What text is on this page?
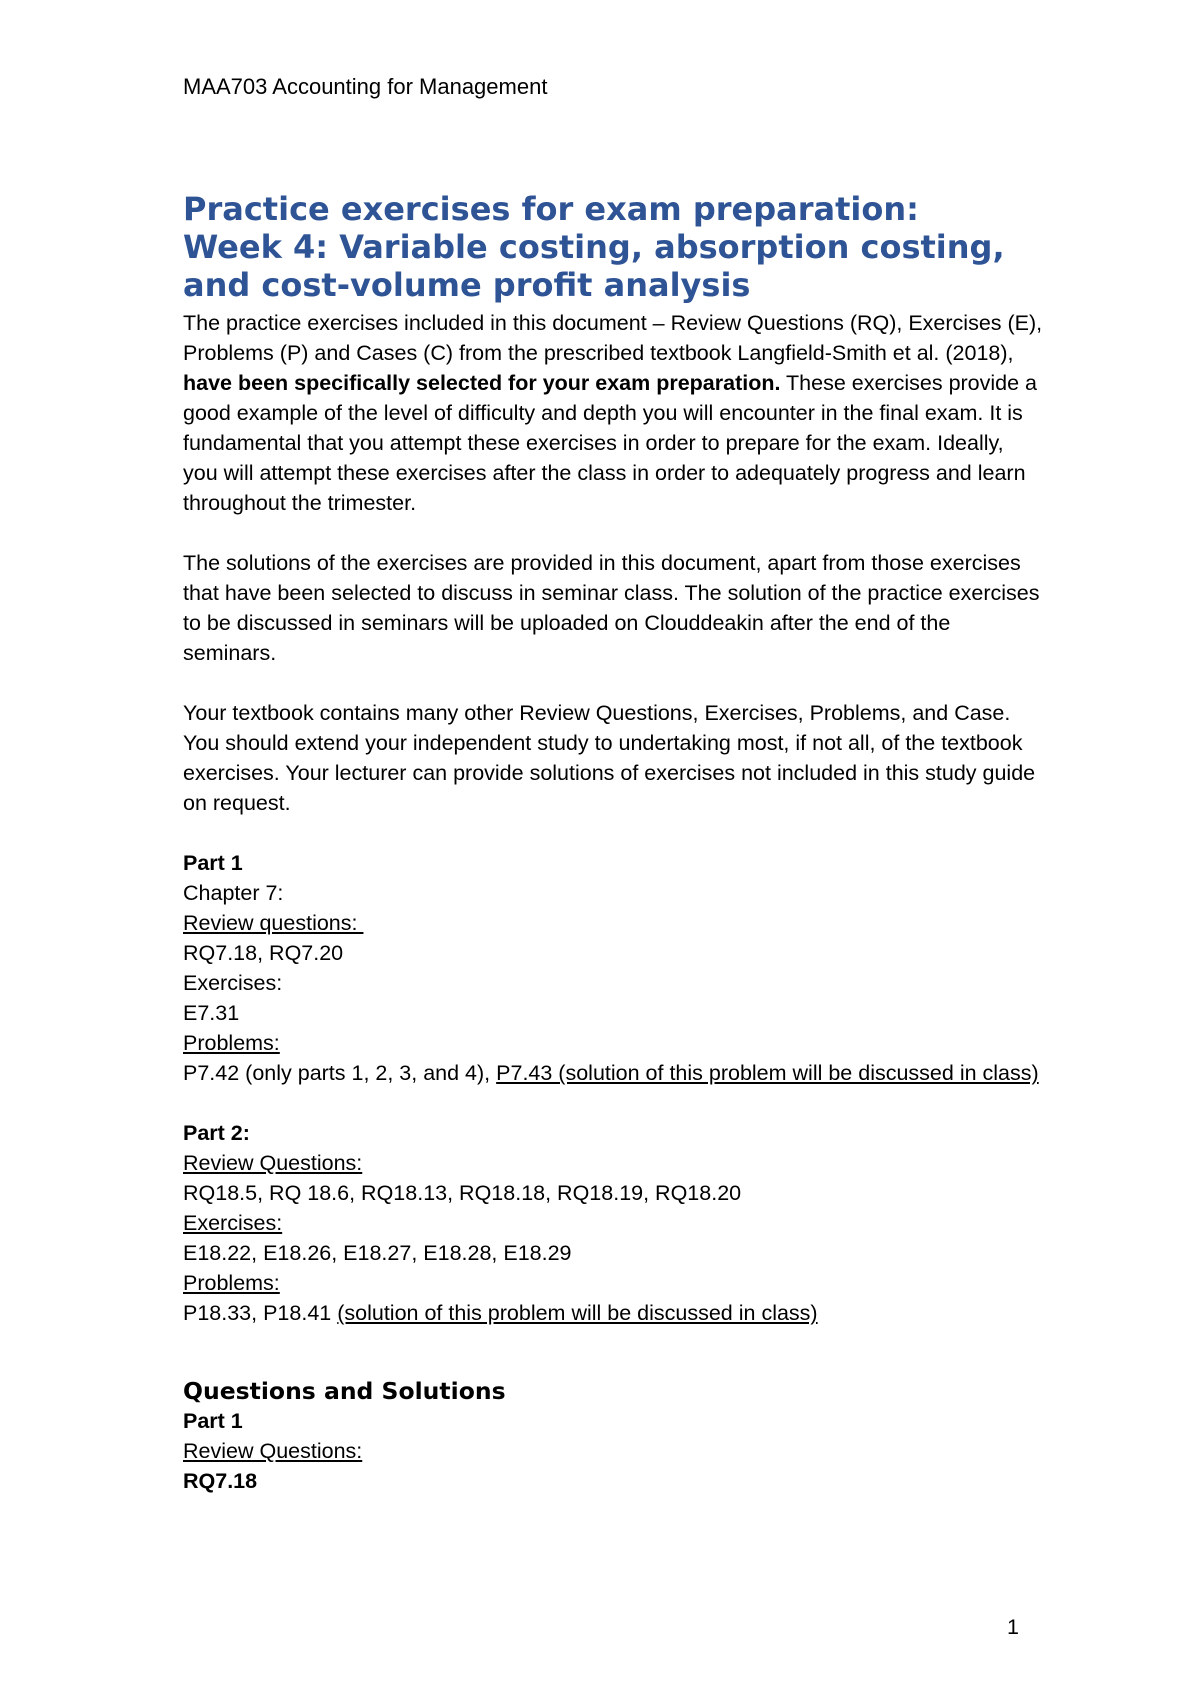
MAA703 Accounting for Management
Practice exercises for exam preparation:
Week 4: Variable costing, absorption costing,
and cost-volume profit analysis

The practice exercises included in this document – Review Questions (RQ), Exercises (E), Problems (P) and Cases (C) from the prescribed textbook Langfield-Smith et al. (2018), have been specifically selected for your exam preparation. These exercises provide a good example of the level of difficulty and depth you will encounter in the final exam. It is fundamental that you attempt these exercises in order to prepare for the exam. Ideally, you will attempt these exercises after the class in order to adequately progress and learn throughout the trimester.

The solutions of the exercises are provided in this document, apart from those exercises that have been selected to discuss in seminar class. The solution of the practice exercises to be discussed in seminars will be uploaded on Clouddeakin after the end of the seminars.

Your textbook contains many other Review Questions, Exercises, Problems, and Case. You should extend your independent study to undertaking most, if not all, of the textbook exercises. Your lecturer can provide solutions of exercises not included in this study guide on request.

Part 1
Chapter 7:
Review questions:
RQ7.18, RQ7.20
Exercises:
E7.31
Problems:
P7.42 (only parts 1, 2, 3, and 4), P7.43 (solution of this problem will be discussed in class)
Part 2:
Review Questions:
RQ18.5, RQ 18.6, RQ18.13, RQ18.18, RQ18.19, RQ18.20
Exercises:
E18.22, E18.26, E18.27, E18.28, E18.29
Problems:
P18.33, P18.41 (solution of this problem will be discussed in class)
Questions and Solutions
Part 1
Review Questions:
RQ7.18
1
